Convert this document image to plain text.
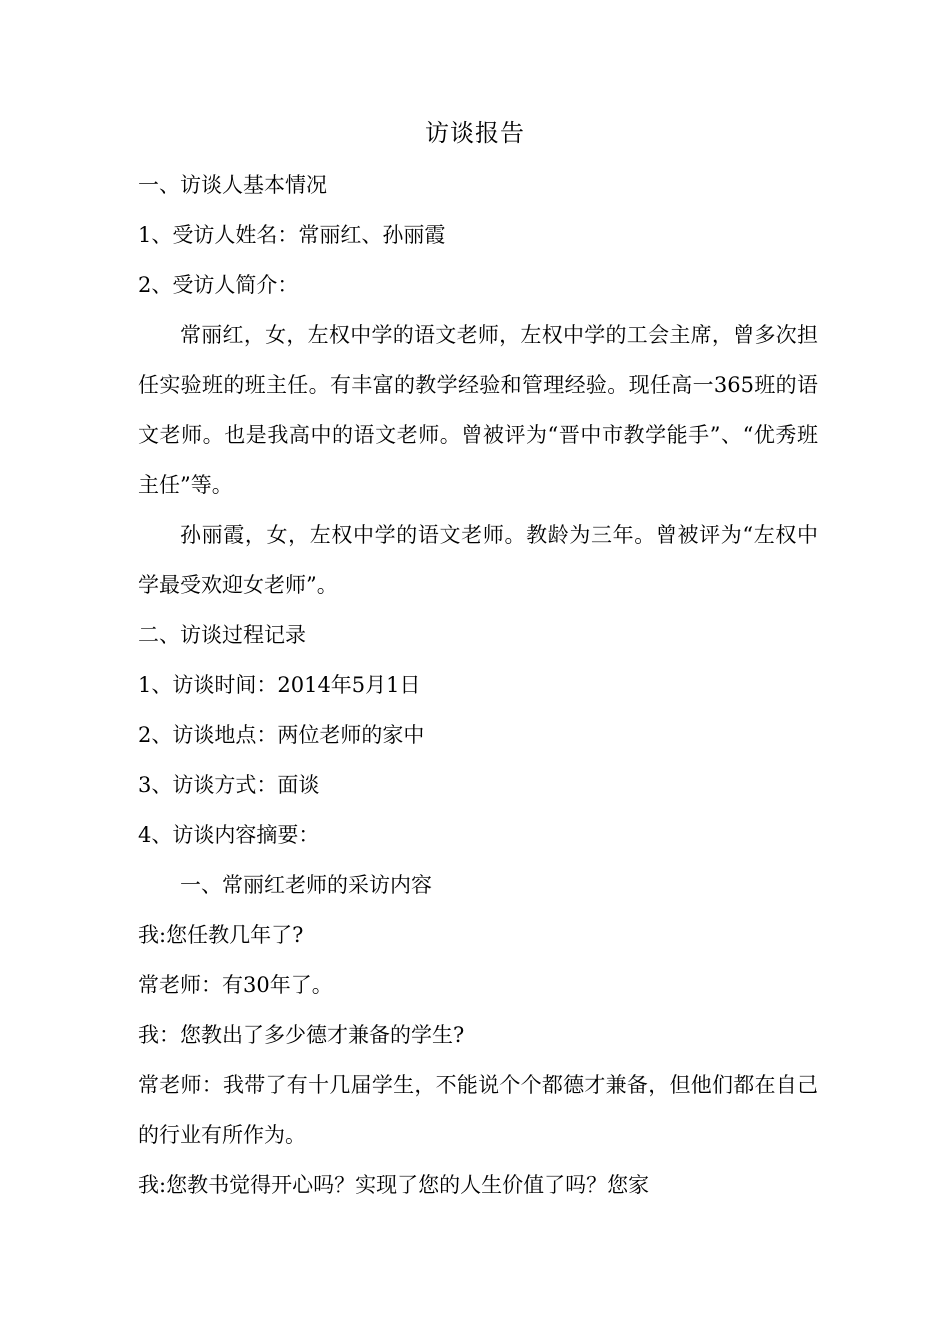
访谈报告

一、访谈人基本情况

1、受访人姓名：常丽红、孙丽霞

2、受访人简介：

常丽红，女，左权中学的语文老师，左权中学的工会主席，曾多次担任实验班的班主任。有丰富的教学经验和管理经验。现任高一365班的语文老师。也是我高中的语文老师。曾被评为“晋中市教学能手”、“优秀班主任”等。

孙丽霞，女，左权中学的语文老师。教龄为三年。曾被评为“左权中学最受欢迎女老师”。

二、访谈过程记录

1、访谈时间：2014年5月1日

2、访谈地点：两位老师的家中

3、访谈方式：面谈

4、访谈内容摘要：

一、常丽红老师的采访内容

我:您任教几年了?

常老师：有30年了。

我：您教出了多少德才兼备的学生?

常老师：我带了有十几届学生，不能说个个都德才兼备，但他们都在自己的行业有所作为。

我:您教书觉得开心吗？实现了您的人生价值了吗？您家
